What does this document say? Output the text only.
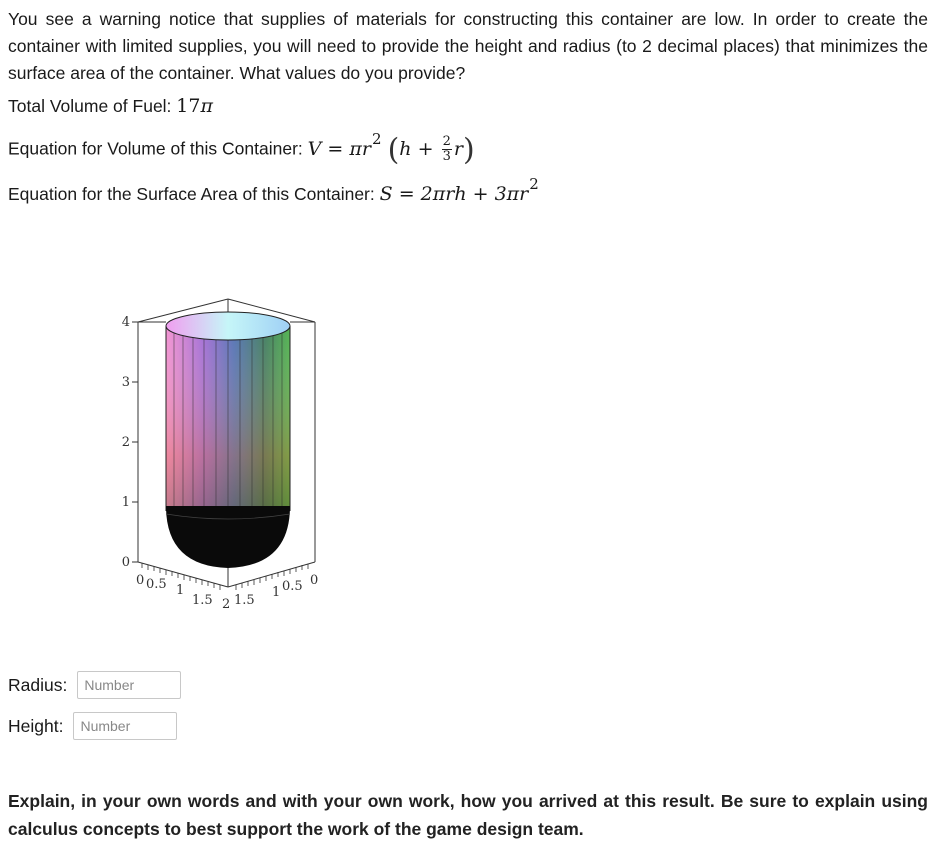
You see a warning notice that supplies of materials for constructing this container are low. In order to create the container with limited supplies, you will need to provide the height and radius (to 2 decimal places) that minimizes the surface area of the container. What values do you provide?

Total Volume of Fuel: 17π
Equation for Volume of this Container: $V = \pi r^2$ $(h + \frac{2}{3} r)$
Equation for the Surface Area of this Container: $S = 2\pi rh + 3\pi r^2$
4
3
2
1
0
0 0.5 1
1.5 2 1.5
1 0.5 0
Radius:
Number
Height:
Number

Explain, in your own words and with your own work, how you arrived at this result. Be sure to explain using calculus concepts to best support the work of the game design team.
